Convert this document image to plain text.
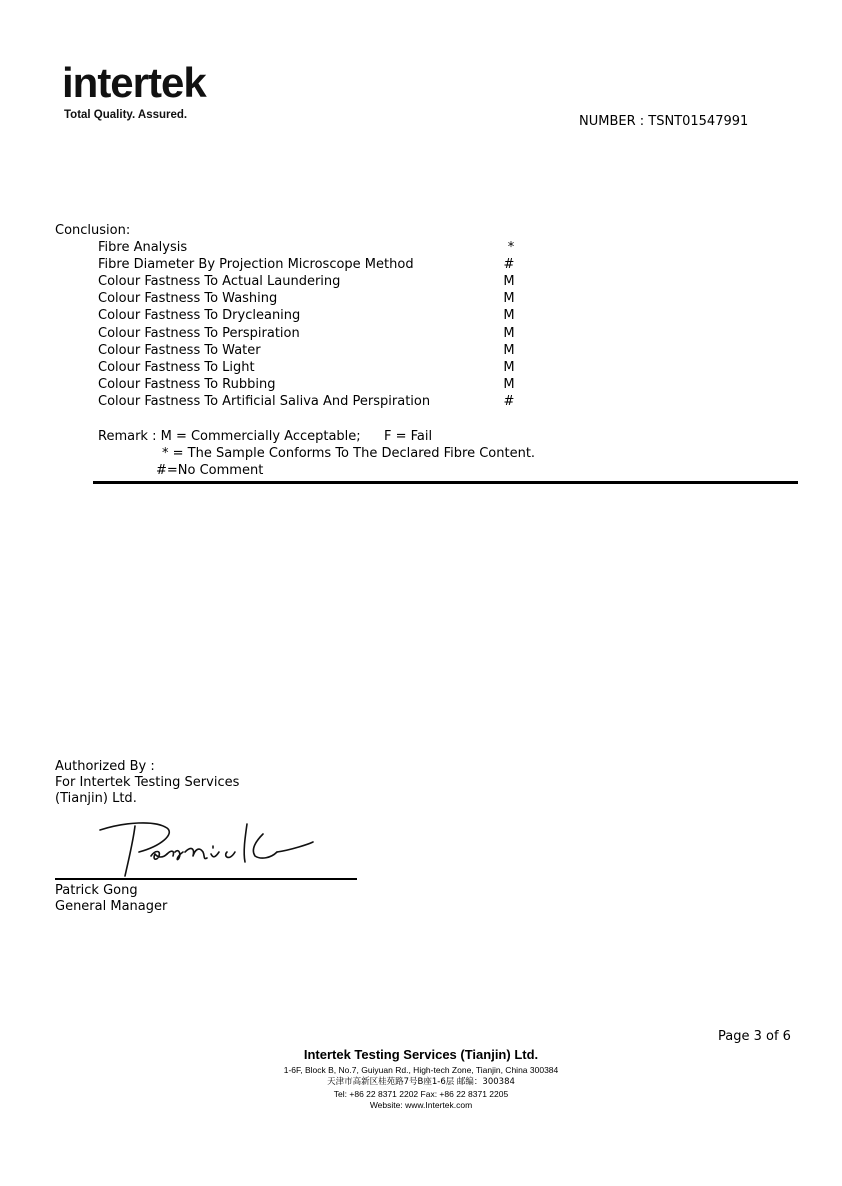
intertek
Total Quality. Assured.	NUMBER : TSNT01547991
Conclusion:
Fibre Analysis	*
Fibre Diameter By Projection Microscope Method	#
Colour Fastness To Actual Laundering	M
Colour Fastness To Washing	M
Colour Fastness To Drycleaning	M
Colour Fastness To Perspiration	M
Colour Fastness To Water	M
Colour Fastness To Light	M
Colour Fastness To Rubbing	M
Colour Fastness To Artificial Saliva And Perspiration	#
Remark : M = Commercially Acceptable; F = Fail
* = The Sample Conforms To The Declared Fibre Content.
#=No Comment
Authorized By :
For Intertek Testing Services
(Tianjin) Ltd.
Patrick Gong
General Manager
Page 3 of 6
Intertek Testing Services (Tianjin) Ltd.
1-6F, Block B, No.7, Guiyuan Rd., High-tech Zone, Tianjin, China 300384
天津市高新区桂苑路7号B座1-6层 邮编：300384
Tel: +86 22 8371 2202 Fax: +86 22 8371 2205
Website: www.Intertek.com
